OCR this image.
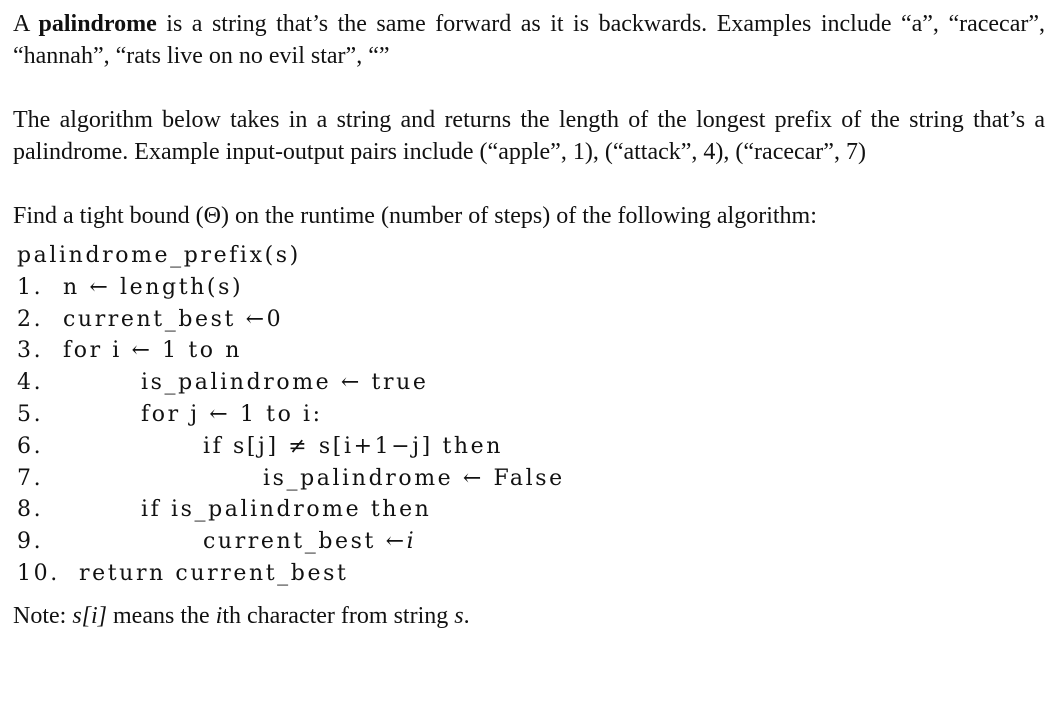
A palindrome is a string that’s the same forward as it is backwards. Examples include “a”, “racecar”, “hannah”, “rats live on no evil star”, “”

The algorithm below takes in a string and returns the length of the longest prefix of the string that’s a palindrome. Example input-output pairs include (“apple”, 1), (“attack”, 4), (“racecar”, 7)

Find a tight bound (Θ) on the runtime (number of steps) of the following algorithm:

palindrome_prefix(s)
1. n ← length(s)
2. current_best ←0
3. for i ← 1 to n
4.	is_palindrome ← true
5.	for j ← 1 to i:
6.	if s[j] ≠ s[i+1−j] then
7.	is_palindrome ← False
8.	if is_palindrome then
9.	current_best ←i
10. return current_best
Note: s[i] means the ith character from string s.
